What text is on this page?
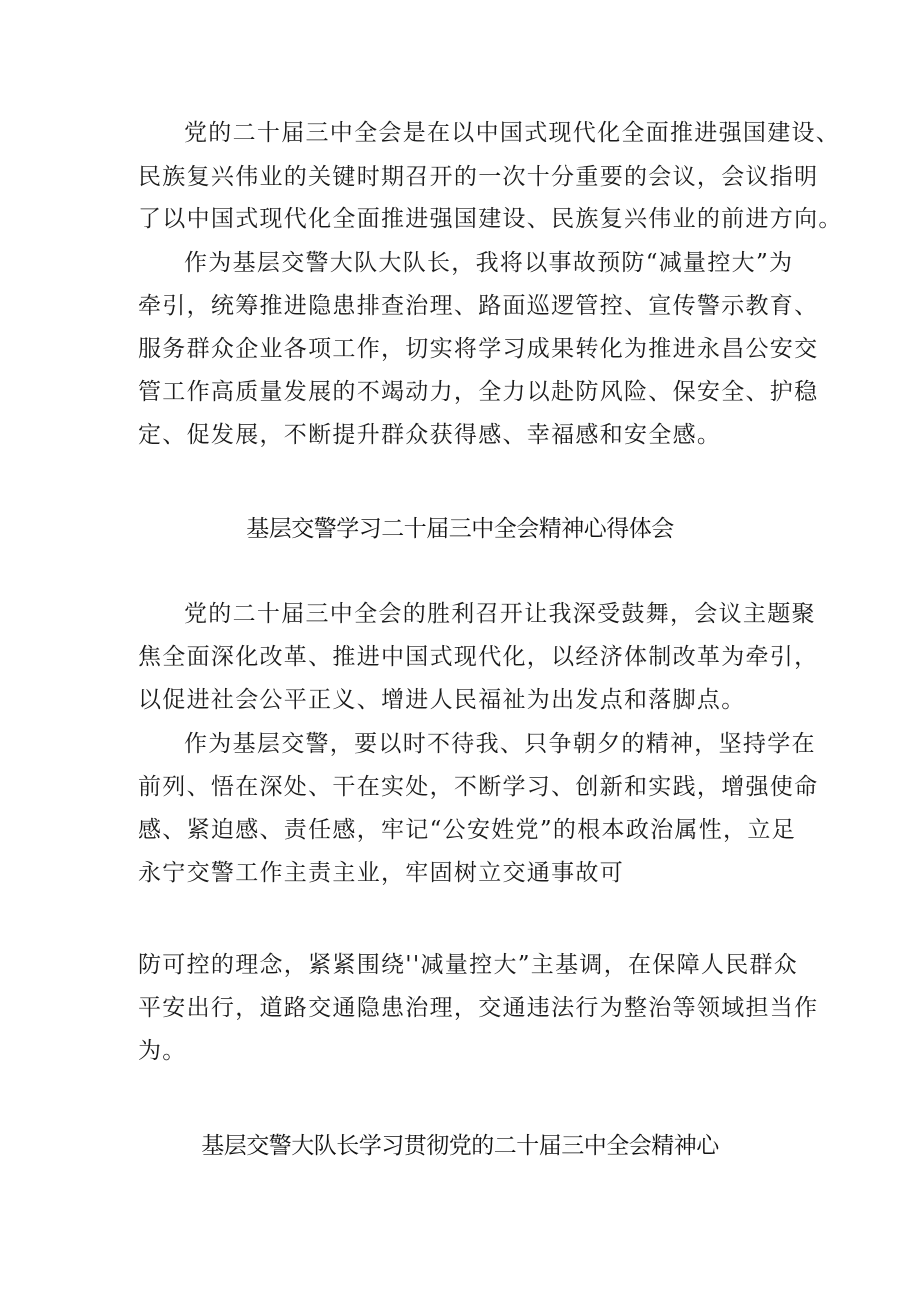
党的二十届三中全会是在以中国式现代化全面推进强国建设、
民族复兴伟业的关键时期召开的一次十分重要的会议，会议指明
了以中国式现代化全面推进强国建设、民族复兴伟业的前进方向。
作为基层交警大队大队长，我将以事故预防“减量控大”为
牵引，统筹推进隐患排查治理、路面巡逻管控、宣传警示教育、
服务群众企业各项工作，切实将学习成果转化为推进永昌公安交
管工作高质量发展的不竭动力，全力以赴防风险、保安全、护稳
定、促发展，不断提升群众获得感、幸福感和安全感。
基层交警学习二十届三中全会精神心得体会
党的二十届三中全会的胜利召开让我深受鼓舞，会议主题聚
焦全面深化改革、推进中国式现代化，以经济体制改革为牵引，
以促进社会公平正义、增进人民福祉为出发点和落脚点。
作为基层交警，要以时不待我、只争朝夕的精神，坚持学在
前列、悟在深处、干在实处，不断学习、创新和实践，增强使命
感、紧迫感、责任感，牢记“公安姓党”的根本政治属性，立足
永宁交警工作主责主业，牢固树立交通事故可
防可控的理念，紧紧围绕''减量控大”主基调，在保障人民群众
平安出行，道路交通隐患治理，交通违法行为整治等领域担当作
为。
基层交警大队长学习贯彻党的二十届三中全会精神心
